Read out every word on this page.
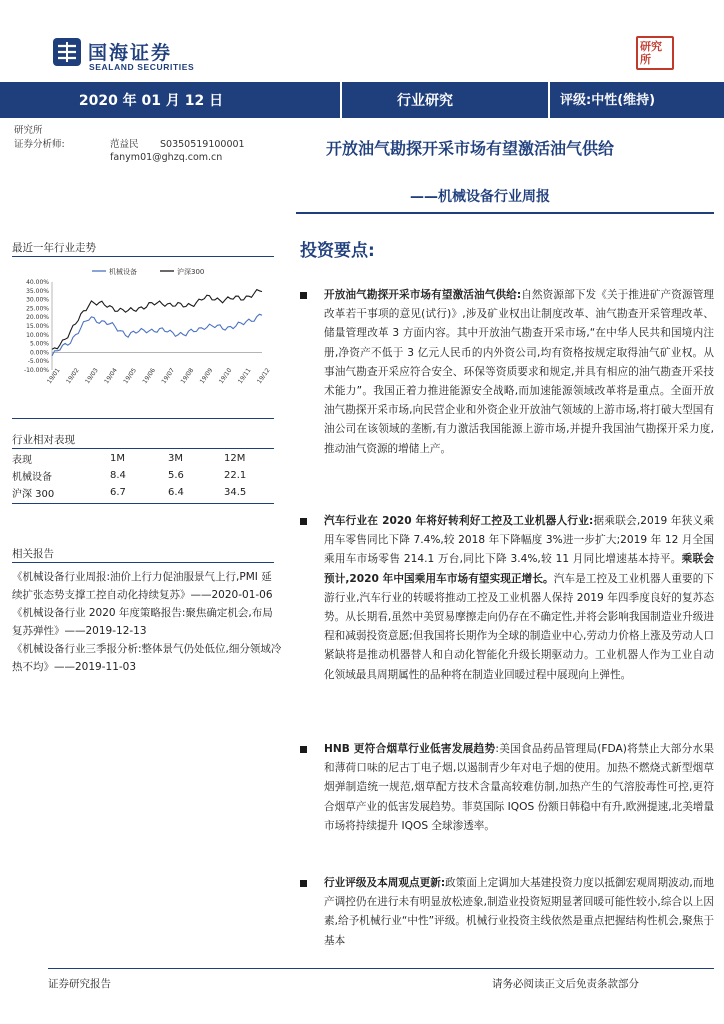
国海证券
SEALAND SECURITIES
研究所
2020 年 01 月 12 日	行业研究	评级:中性(维持)
研究所
证券分析师:	范益民	S0350519100001
fanym01@ghzq.com.cn	开放油气勘探开采市场有望激活油气供给
——机械设备行业周报
最近一年行业走势
机械设备	沪深300
40.00%
35.00%
30.00%
25.00%
20.00%
15.00%
10.00%
5.00%
0.00%
-5.00%
-10.00%
19/01 19/02 19/03 19/04 19/05 19/06 19/07 19/08 19/09 19/10 19/11 19/12
行业相对表现
表现	1M	3M	12M
机械设备	8.4	5.6	22.1
沪深 300	6.7	6.4	34.5
相关报告
《机械设备行业周报:油价上行力促油服景气上行,PMI 延续扩张态势支撑工控自动化持续复苏》——2020-01-06
《机械设备行业 2020 年度策略报告:聚焦确定机会,布局复苏弹性》——2019-12-13
《机械设备行业三季报分析:整体景气仍处低位,细分领域冷热不均》——2019-11-03
投资要点:
开放油气勘探开采市场有望激活油气供给:自然资源部下发《关于推进矿产资源管理改革若干事项的意见(试行)》,涉及矿业权出让制度改革、油气勘查开采管理改革、储量管理改革 3 方面内容。其中开放油气勘查开采市场,“在中华人民共和国境内注册,净资产不低于 3 亿元人民币的内外资公司,均有资格按规定取得油气矿业权。从事油气勘查开采应符合安全、环保等资质要求和规定,并具有相应的油气勘查开采技术能力”。我国正着力推进能源安全战略,而加速能源领域改革将是重点。全面开放油气勘探开采市场,向民营企业和外资企业开放油气领域的上游市场,将打破大型国有油公司在该领域的垄断,有力激活我国能源上游市场,并提升我国油气勘探开采力度,推动油气资源的增储上产。
汽车行业在 2020 年将好转利好工控及工业机器人行业:据乘联会,2019 年狭义乘用车零售同比下降 7.4%,较 2018 年下降幅度 3%进一步扩大;2019 年 12 月全国乘用车市场零售 214.1 万台,同比下降 3.4%,较 11 月同比增速基本持平。乘联会预计,2020 年中国乘用车市场有望实现正增长。汽车是工控及工业机器人重要的下游行业,汽车行业的转暖将推动工控及工业机器人保持 2019 年四季度良好的复苏态势。从长期看,虽然中美贸易摩擦走向仍存在不确定性,并将会影响我国制造业升级进程和减弱投资意愿;但我国将长期作为全球的制造业中心,劳动力价格上涨及劳动人口紧缺将是推动机器替人和自动化智能化升级长期驱动力。工业机器人作为工业自动化领域最具周期属性的品种将在制造业回暖过程中展现向上弹性。
HNB 更符合烟草行业低害发展趋势:美国食品药品管理局(FDA)将禁止大部分水果和薄荷口味的尼古丁电子烟,以遏制青少年对电子烟的使用。加热不燃烧式新型烟草烟弹制造统一规范,烟草配方技术含量高较难仿制,加热产生的气溶胶毒性可控,更符合烟草产业的低害发展趋势。菲莫国际 IQOS 份额日韩稳中有升,欧洲提速,北美增量市场将持续提升 IQOS 全球渗透率。
行业评级及本周观点更新:政策面上定调加大基建投资力度以抵御宏观周期波动,而地产调控仍在进行未有明显放松迹象,制造业投资短期显著回暖可能性较小,综合以上因素,给予机械行业“中性”评级。机械行业投资主线依然是重点把握结构性机会,聚焦于基本
证券研究报告	请务必阅读正文后免责条款部分
